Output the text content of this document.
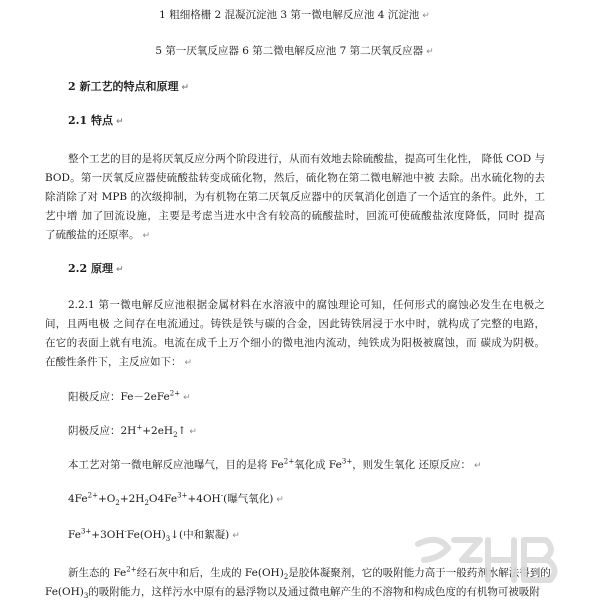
1 粗细格栅 2 混凝沉淀池 3 第一微电解反应池 4 沉淀池 ↵
5 第一厌氧反应器 6 第二微电解反应池 7 第二厌氧反应器 ↵
2 新工艺的特点和原理 ↵
2.1 特点 ↵
整个工艺的目的是将厌氧反应分两个阶段进行，从而有效地去除硫酸盐，提高可生化性， 降低 COD 与
BOD。第一厌氧反应器使硫酸盐转变成硫化物，然后，硫化物在第二微电解池中被 去除。出水硫化物的去
除消除了对 MPB 的次级抑制，为有机物在第二厌氧反应器中的厌氧消化创造了一个适宜的条件。此外，工
艺中增 加了回流设施，主要是考虑当进水中含有较高的硫酸盐时，回流可使硫酸盐浓度降低，同时 提高
了硫酸盐的还原率。 ↵
2.2 原理 ↵
2.2.1 第一微电解反应池根据金属材料在水溶液中的腐蚀理论可知，任何形式的腐蚀必发生在电极之
间，且两电极 之间存在电流通过。铸铁是铁与碳的合金，因此铸铁屑浸于水中时，就构成了完整的电路，
在它的表面上就有电流。电流在成千上万个细小的微电池内流动，纯铁成为阳极被腐蚀，而 碳成为阴极。
在酸性条件下，主反应如下： ↵
阳极反应：Fe－2eFe$^{2+}$ ↵
阴极反应：$2H^++2eH_2↑$ ↵
本工艺对第一微电解反应池曝气，目的是将 $Fe^{2+}$氧化成 $Fe^{3+}$，则发生氧化 还原反应： ↵
$4Fe^{2+}+O_2+2H_2O4Fe^{3+}+4OH^-$(曝气氧化) ↵
$Fe^{3+}+3OH^-Fe(OH)_3↓$(中和絮凝) ↵
新生态的 $Fe^{2+}$经石灰中和后，生成的 $Fe(OH)_2$是胶体凝聚剂，它的吸附能力高于一般药剂水解法得到的
$Fe(OH)_3$的吸附能力，这样污水中原有的悬浮物以及通过微电解产生的不溶物和构成色度的有机物可被吸附
